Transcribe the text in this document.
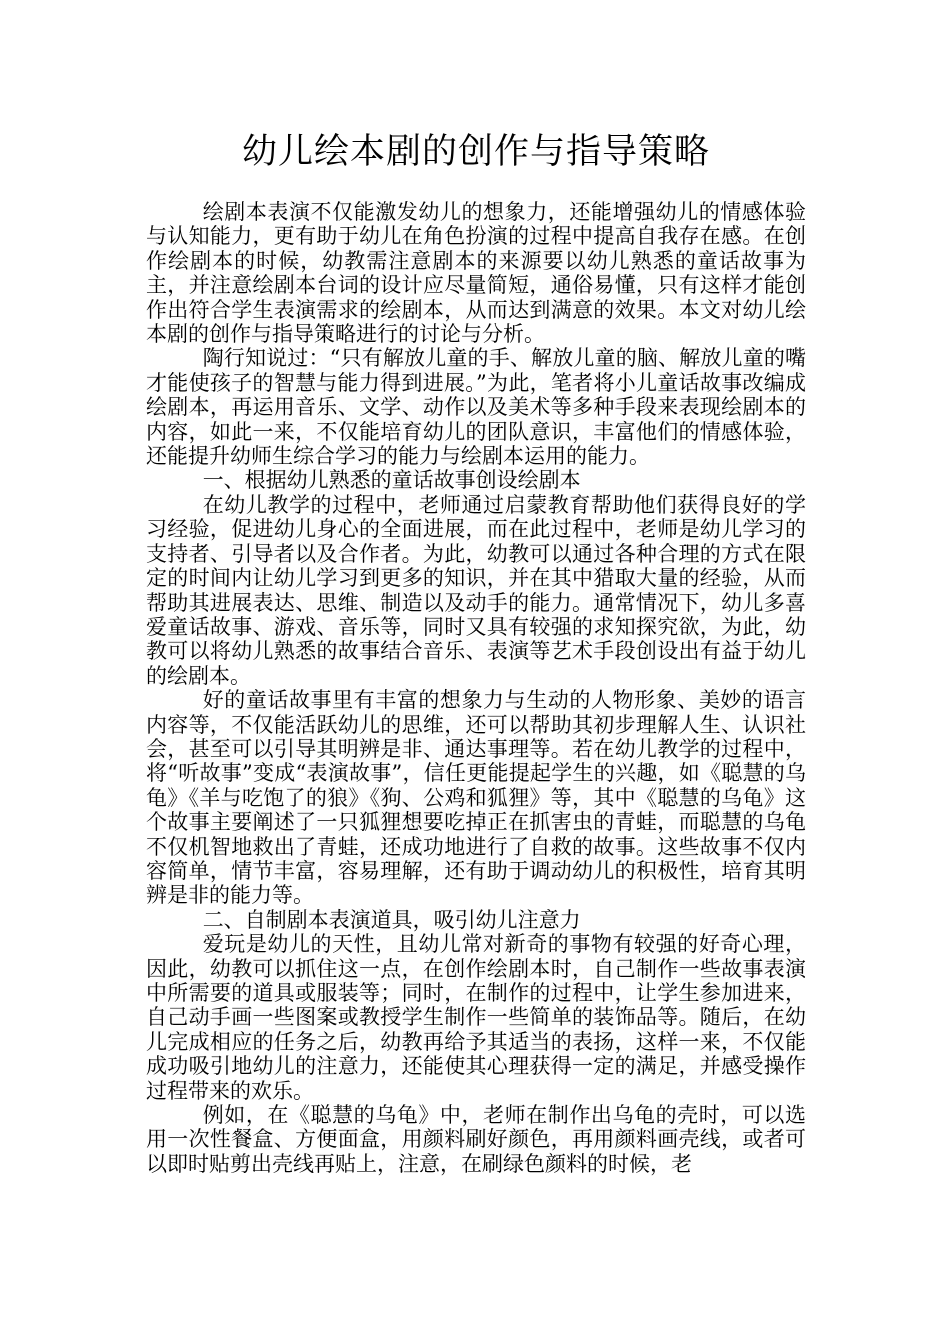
幼儿绘本剧的创作与指导策略

绘剧本表演不仅能激发幼儿的想象力，还能增强幼儿的情感体验与认知能力，更有助于幼儿在角色扮演的过程中提高自我存在感。在创作绘剧本的时候，幼教需注意剧本的来源要以幼儿熟悉的童话故事为主，并注意绘剧本台词的设计应尽量简短，通俗易懂，只有这样才能创作出符合学生表演需求的绘剧本，从而达到满意的效果。本文对幼儿绘本剧的创作与指导策略进行的讨论与分析。

陶行知说过：“只有解放儿童的手、解放儿童的脑、解放儿童的嘴才能使孩子的智慧与能力得到进展。”为此，笔者将小儿童话故事改编成绘剧本，再运用音乐、文学、动作以及美术等多种手段来表现绘剧本的内容，如此一来，不仅能培育幼儿的团队意识，丰富他们的情感体验，还能提升幼师生综合学习的能力与绘剧本运用的能力。

一、根据幼儿熟悉的童话故事创设绘剧本

在幼儿教学的过程中，老师通过启蒙教育帮助他们获得良好的学习经验，促进幼儿身心的全面进展，而在此过程中，老师是幼儿学习的支持者、引导者以及合作者。为此，幼教可以通过各种合理的方式在限定的时间内让幼儿学习到更多的知识，并在其中猎取大量的经验，从而帮助其进展表达、思维、制造以及动手的能力。通常情况下，幼儿多喜爱童话故事、游戏、音乐等，同时又具有较强的求知探究欲，为此，幼教可以将幼儿熟悉的故事结合音乐、表演等艺术手段创设出有益于幼儿的绘剧本。

好的童话故事里有丰富的想象力与生动的人物形象、美妙的语言内容等，不仅能活跃幼儿的思维，还可以帮助其初步理解人生、认识社会，甚至可以引导其明辨是非、通达事理等。若在幼儿教学的过程中，将“听故事”变成“表演故事”，信任更能提起学生的兴趣，如《聪慧的乌龟》《羊与吃饱了的狼》《狗、公鸡和狐狸》等，其中《聪慧的乌龟》这个故事主要阐述了一只狐狸想要吃掉正在抓害虫的青蛙，而聪慧的乌龟不仅机智地救出了青蛙，还成功地进行了自救的故事。这些故事不仅内容简单，情节丰富，容易理解，还有助于调动幼儿的积极性，培育其明辨是非的能力等。

二、自制剧本表演道具，吸引幼儿注意力

爱玩是幼儿的天性，且幼儿常对新奇的事物有较强的好奇心理，因此，幼教可以抓住这一点，在创作绘剧本时，自己制作一些故事表演中所需要的道具或服装等；同时，在制作的过程中，让学生参加进来，自己动手画一些图案或教授学生制作一些简单的装饰品等。随后，在幼儿完成相应的任务之后，幼教再给予其适当的表扬，这样一来，不仅能成功吸引地幼儿的注意力，还能使其心理获得一定的满足，并感受操作过程带来的欢乐。

例如，在《聪慧的乌龟》中，老师在制作出乌龟的壳时，可以选用一次性餐盒、方便面盒，用颜料刷好颜色，再用颜料画壳线，或者可以即时贴剪出壳线再贴上，注意，在刷绿色颜料的时候，老
